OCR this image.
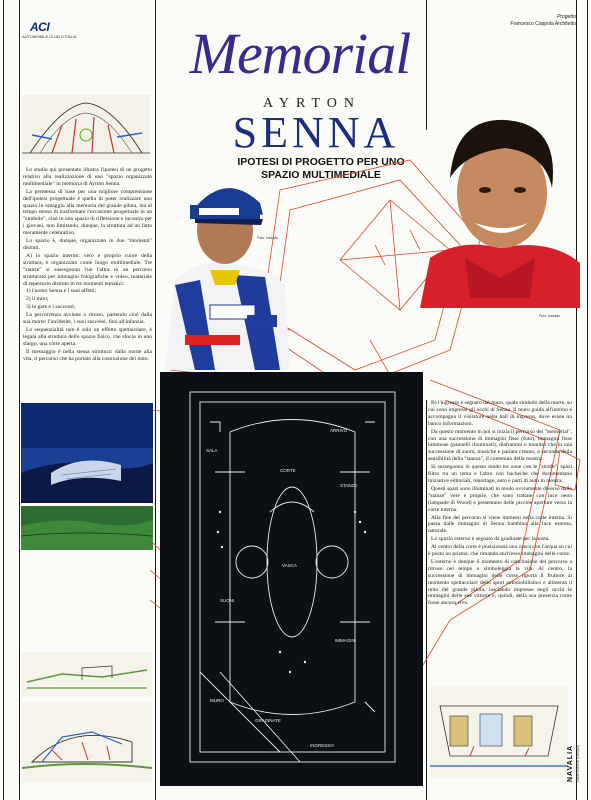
ACI
AUTOMOBILE CLUB D'ITALIA
Progetto
Francesco Coppola Architetto
Memorial
AYRTON
SENNA
IPOTESI DI PROGETTO PER UNO SPAZIO MULTIMEDIALE

Lo studio qui presentato illustra l'ipotesi di un progetto relativo alla realizzazione di uno "spazio organizzato multimediale" in memoria di Ayrton Senna.

La premessa di base per una migliore comprensione dell'ipotesi progettuale è quella di poter realizzare uno spazio in omaggio alla memoria del grande pilota, ma al tempo stesso di trasformare l'occasione progettuale in un "simbolo", cioè in uno spazio di riflessione e incontro per i giovani, non limitando, dunque, la struttura ad un fatto meramente celebrativo.

Lo spazio è, dunque, organizzato in due "momenti" distinti.

A) lo spazio interno: vero e proprio cuore della struttura, è organizzato come luogo multimediale. Tre "stanze" si susseguono l'un l'altra in un percorso strutturato per immagini fotografiche e video, materiale di repertorio distinto in tre momenti tematici:

1) l'uomo Senna e i suoi affetti;

2) il mito;

3) le gare e i successi;

La percorrenza avviene a ritroso, partendo cioè dalla sua morte: l'incidente, i suoi successi, fino all'infanzia.

La sequenzialità non è solo un effetto spettacolare, è legata alla struttura dello spazio fisico, che sfocia in uno slargo, una corte aperta.

Il messaggio è nella stessa struttura: dalla morte alla vita, il percorso che ha portato alla costruzione del mito.

Foto: Instudio
Foto: Instudio
CORTE
ARRIVO
INGRESSO
VASCA
MURO
SALA
IMMAGINI
SUONI
STANZE
GRADINATE

B) l'ingresso è segnato dal muro, quale simbolo della morte, su cui sono impressi gli occhi di Senna. Il muro guida all'interno e accompagna il visitatore nella hall di ingresso, dove esiste un banco informazioni.

Da questo momento in poi si inizia il percorso del "memorial", con una successione di immagini fisse (foto), immagini fisse luminose (pannelli illuminati), diaframmi e monitor che in una successione di suoni, musiche e parlato creano, a seconda della sensibilità della "stanza", il contenuto della mostra.

Si susseguono in questo modo tre zone con le "strade", spazi filtro tra un tema e l'altro con bacheche che documentano iniziative editoriali, reportage, auto e parti di auto in mostra.

Questi spazi sono illuminati in modo ovviamente diverso dalle "stanze" vere e proprie, che sono trattate con luce neon (lampade di Wood) e presentano delle piccole aperture verso la corte interna.

Alla fine del percorso si viene immessi nella corte interna. Si passa dalle immagini di Senna bambino alla luce esterna, naturale.

Lo spazio esterno è segnato da gradinate per la sosta.

Al centro della corte è posizionata una vasca con l'acqua su cui è posto un prisma, che rimanda anch'esso immagini delle corse.

L'esterno è dunque il momento di conclusione del percorso a ritroso nel tempo e simboleggia la vita. Al centro, la successione di immagini delle corse riporta il fruitore al momento spettacolare dello sport automobilistico e alimenta il mito del grande pilota, lasciando impresse negli occhi le immagini delle sue vittorie e, quindi, della sua presenza come fosse ancora vivo.

NAVALIA GRAFICA EDITORIALE
